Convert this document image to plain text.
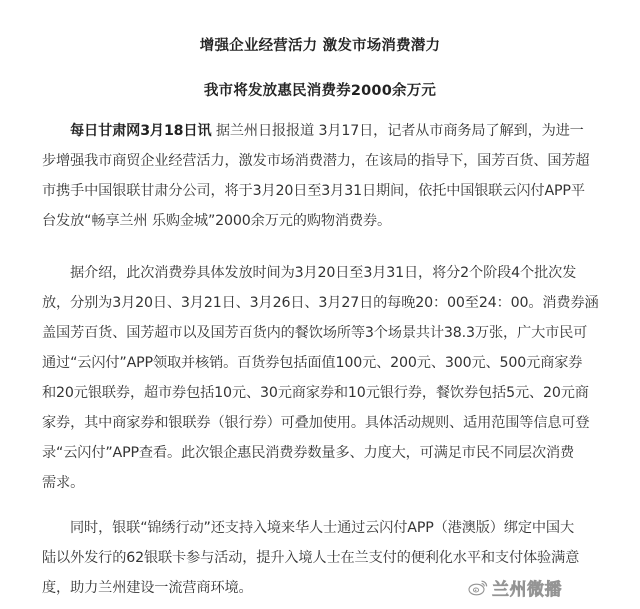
增强企业经营活力 激发市场消费潜力
我市将发放惠民消费券2000余万元
每日甘肃网3月18日讯 据兰州日报报道 3月17日，记者从市商务局了解到，为进一
步增强我市商贸企业经营活力，激发市场消费潜力，在该局的指导下，国芳百货、国芳超
市携手中国银联甘肃分公司，将于3月20日至3月31日期间，依托中国银联云闪付APP平
台发放“畅享兰州 乐购金城”2000余万元的购物消费券。
据介绍，此次消费券具体发放时间为3月20日至3月31日，将分2个阶段4个批次发
放，分别为3月20日、3月21日、3月26日、3月27日的每晚20：00至24：00。消费券涵
盖国芳百货、国芳超市以及国芳百货内的餐饮场所等3个场景共计38.3万张，广大市民可
通过“云闪付”APP领取并核销。百货券包括面值100元、200元、300元、500元商家券
和20元银联券，超市券包括10元、30元商家券和10元银行券，餐饮券包括5元、20元商
家券，其中商家券和银联券（银行券）可叠加使用。具体活动规则、适用范围等信息可登
录“云闪付”APP查看。此次银企惠民消费券数量多、力度大，可满足市民不同层次消费
需求。
同时，银联“锦绣行动”还支持入境来华人士通过云闪付APP（港澳版）绑定中国大
陆以外发行的62银联卡参与活动，提升入境人士在兰支付的便利化水平和支付体验满意
度，助力兰州建设一流营商环境。	兰州微播
